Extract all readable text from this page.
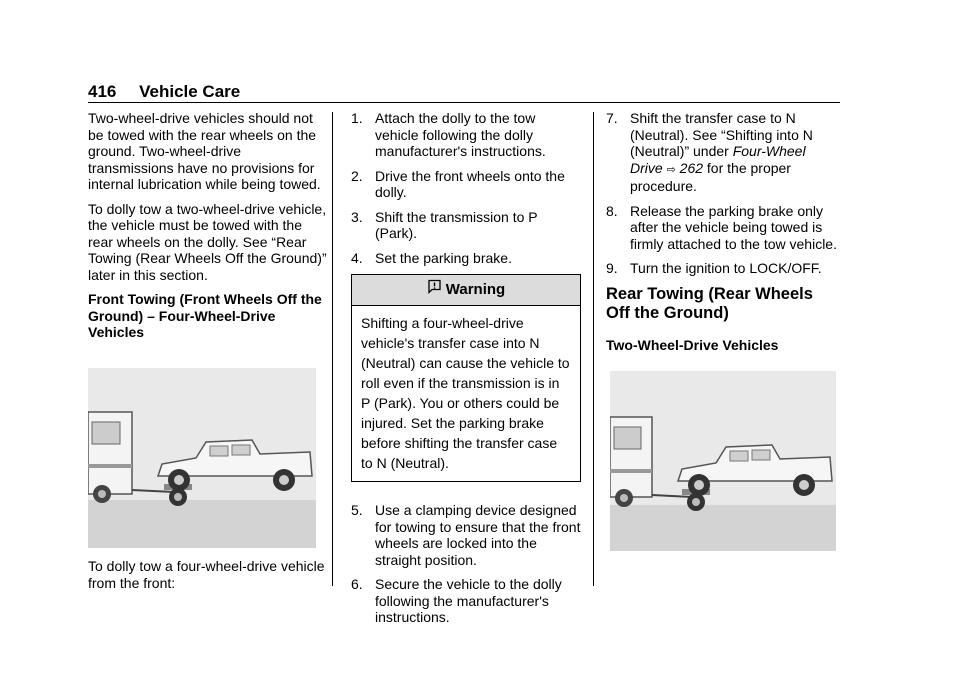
416 Vehicle Care

Two-wheel-drive vehicles should not be towed with the rear wheels on the ground. Two-wheel-drive transmissions have no provisions for internal lubrication while being towed.

To dolly tow a two-wheel-drive vehicle, the vehicle must be towed with the rear wheels on the dolly. See “Rear Towing (Rear Wheels Off the Ground)” later in this section.

Front Towing (Front Wheels Off the Ground) – Four-Wheel-Drive Vehicles

To dolly tow a four-wheel-drive vehicle from the front:

1. Attach the dolly to the tow vehicle following the dolly manufacturer's instructions.
2. Drive the front wheels onto the dolly.
3. Shift the transmission to P (Park).
4. Set the parking brake.
Warning
Shifting a four-wheel-drive vehicle's transfer case into N (Neutral) can cause the vehicle to roll even if the transmission is in P (Park). You or others could be injured. Set the parking brake before shifting the transfer case to N (Neutral).
5. Use a clamping device designed for towing to ensure that the front wheels are locked into the straight position.
6. Secure the vehicle to the dolly following the manufacturer's instructions.
7. Shift the transfer case to N (Neutral). See “Shifting into N (Neutral)” under Four-Wheel Drive ⇨ 262 for the proper procedure.
8. Release the parking brake only after the vehicle being towed is firmly attached to the tow vehicle.
9. Turn the ignition to LOCK/OFF.
Rear Towing (Rear Wheels Off the Ground)

Two-Wheel-Drive Vehicles
